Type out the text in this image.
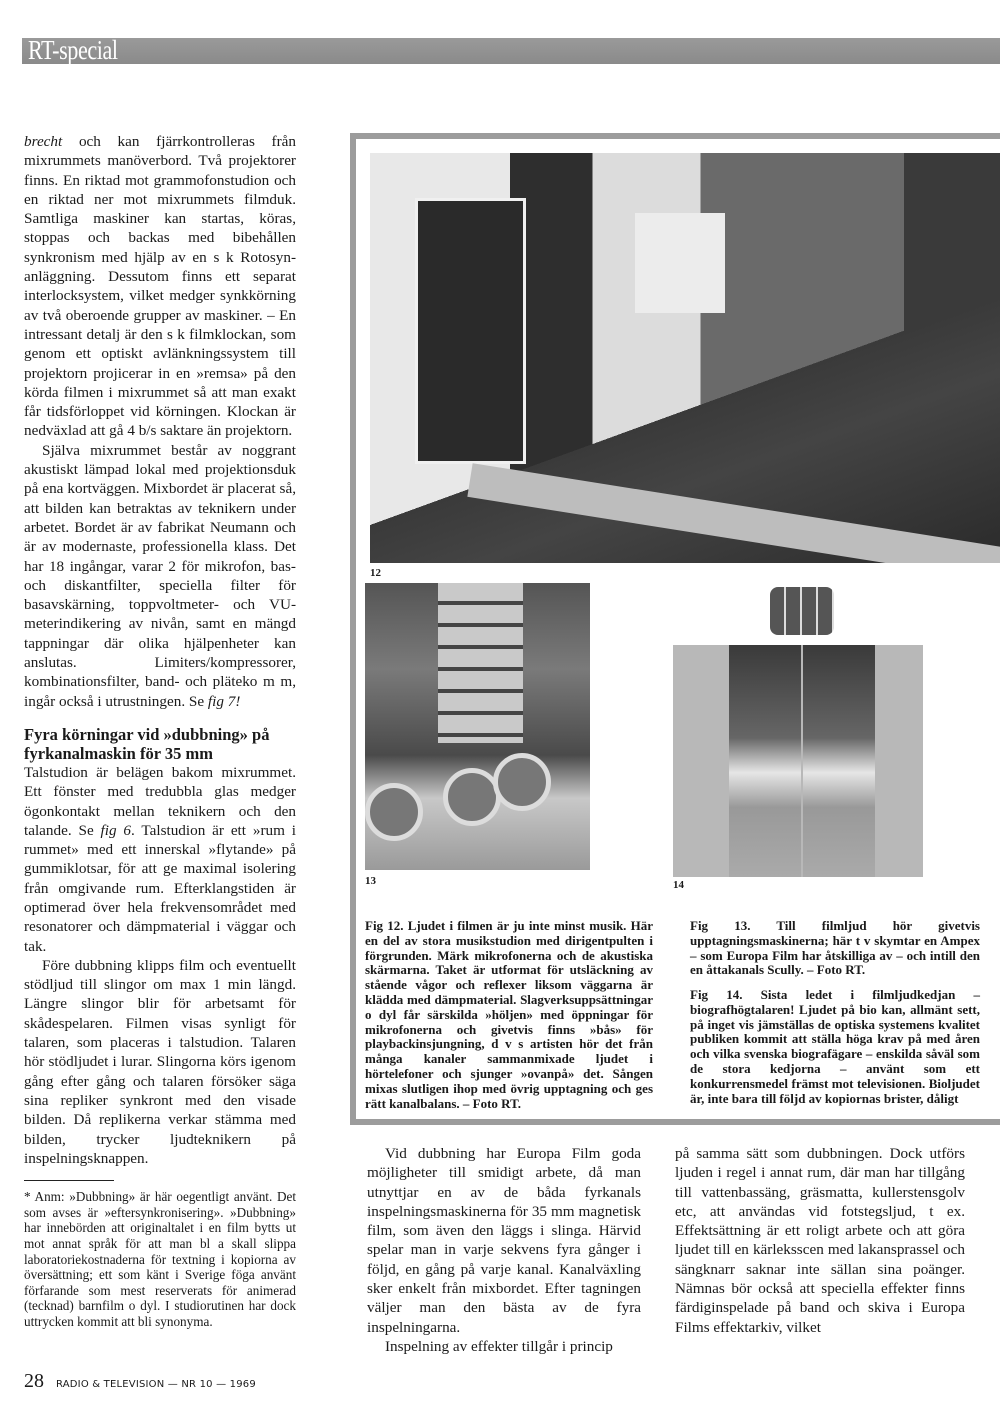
RT-special

brecht och kan fjärrkontrolleras från mixrummets manöverbord. Två projektorer finns. En riktad mot grammofonstudion och en riktad ner mot mixrummets filmduk. Samtliga maskiner kan startas, köras, stoppas och backas med bibehållen synkronism med hjälp av en s k Rotosyn-anläggning. Dessutom finns ett separat interlocksystem, vilket medger synkkörning av två oberoende grupper av maskiner. – En intressant detalj är den s k filmklockan, som genom ett optiskt avlänkningssystem till projektorn projicerar in en »remsa» på den körda filmen i mixrummet så att man exakt får tidsförloppet vid körningen. Klockan är nedväxlad att gå 4 b/s saktare än projektorn.

Själva mixrummet består av noggrant akustiskt lämpad lokal med projektionsduk på ena kortväggen. Mixbordet är placerat så, att bilden kan betraktas av teknikern under arbetet. Bordet är av fabrikat Neumann och är av modernaste, professionella klass. Det har 18 ingångar, varar 2 för mikrofon, bas- och diskantfilter, speciella filter för basavskärning, toppvoltmeter- och VU-meterindikering av nivån, samt en mängd tappningar där olika hjälpenheter kan anslutas. Limiters/kompressorer, kombinationsfilter, band- och pläteko m m, ingår också i utrustningen. Se fig 7!

Fyra körningar vid »dubbning» på fyrkanalmaskin för 35 mm

Talstudion är belägen bakom mixrummet. Ett fönster med tredubbla glas medger ögonkontakt mellan teknikern och den talande. Se fig 6. Talstudion är ett »rum i rummet» med ett innerskal »flytande» på gummiklotsar, för att ge maximal isolering från omgivande rum. Efterklangstiden är optimerad över hela frekvensområdet med resonatorer och dämpmaterial i väggar och tak.

Före dubbning klipps film och eventuellt stödljud till slingor om max 1 min längd. Längre slingor blir för arbetsamt för skådespelaren. Filmen visas synligt för talaren, som placeras i talstudion. Talaren hör stödljudet i lurar. Slingorna körs igenom gång efter gång och talaren försöker säga sina repliker synkront med den visade bilden. Då replikerna verkar stämma med bilden, trycker ljudteknikern på inspelningsknappen.

* Anm: »Dubbning» är här oegentligt använt. Det som avses är »eftersynkronisering». »Dubbning» har innebörden att originaltalet i en film bytts ut mot annat språk för att man bl a skall slippa laboratoriekostnaderna för textning i kopiorna av översättning; ett som känt i Sverige föga använt förfarande som mest reserverats för animerad (tecknad) barnfilm o dyl. I studiorutinen har dock uttrycken kommit att bli synonyma.

12
13	14

Fig 12. Ljudet i filmen är ju inte minst musik. Här en del av stora musikstudion med dirigentpulten i förgrunden. Märk mikrofonerna och de akustiska skärmarna. Taket är utformat för utsläckning av stående vågor och reflexer liksom väggarna är klädda med dämpmaterial. Slagverksuppsättningar o dyl får särskilda »höljen» med öppningar för mikrofonerna och givetvis finns »bås» för playbackinsjungning, d v s artisten hör det från många kanaler sammanmixade ljudet i hörtelefoner och sjunger »ovanpå» det. Sången mixas slutligen ihop med övrig upptagning och ges rätt kanalbalans. – Foto RT.

Fig 13. Till filmljud hör givetvis upptagningsmaskinerna; här t v skymtar en Ampex – som Europa Film har åtskilliga av – och intill den en åttakanals Scully. – Foto RT.

Fig 14. Sista ledet i filmljudkedjan – biografhögtalaren! Ljudet på bio kan, allmänt sett, på inget vis jämställas de optiska systemens kvalitet publiken kommit att ställa höga krav på med åren och vilka svenska biografägare – enskilda såväl som de stora kedjorna – använt som ett konkurrensmedel främst mot televisionen. Bioljudet är, inte bara till följd av kopiornas brister, dåligt

Vid dubbning har Europa Film goda möjligheter till smidigt arbete, då man utnyttjar en av de båda fyrkanals inspelningsmaskinerna för 35 mm magnetisk film, som även den läggs i slinga. Härvid spelar man in varje sekvens fyra gånger i följd, en gång på varje kanal. Kanalväxling sker enkelt från mixbordet. Efter tagningen väljer man den bästa av de fyra inspelningarna.

Inspelning av effekter tillgår i princip

på samma sätt som dubbningen. Dock utförs ljuden i regel i annat rum, där man har tillgång till vattenbassäng, gräsmatta, kullerstensgolv etc, att användas vid fotstegsljud, t ex. Effektsättning är ett roligt arbete och att göra ljudet till en kärleksscen med lakansprassel och sängknarr saknar inte sällan sina poänger. Nämnas bör också att speciella effekter finns färdiginspelade på band och skiva i Europa Films effektarkiv, vilket

28 RADIO & TELEVISION — NR 10 — 1969
